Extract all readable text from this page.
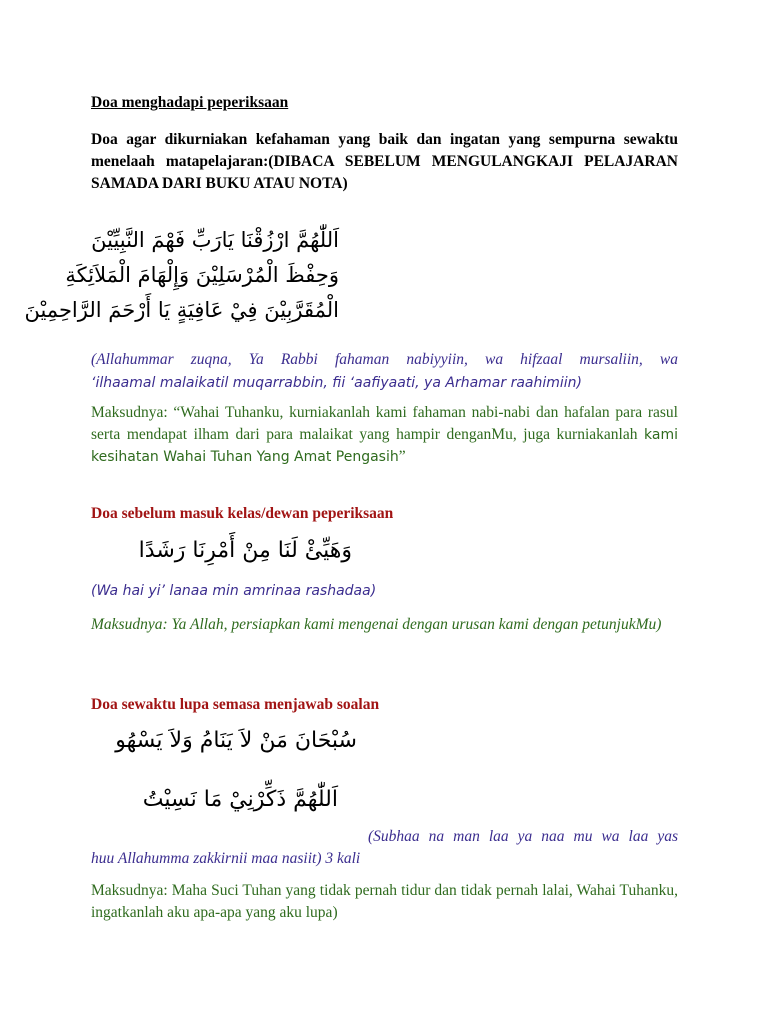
Doa menghadapi peperiksaan
Doa agar dikurniakan kefahaman yang baik dan ingatan yang sempurna sewaktu menelaah matapelajaran:(DIBACA SEBELUM MENGULANGKAJI PELAJARAN SAMADA DARI BUKU ATAU NOTA)
اَللّٰهُمَّ ارْزُقْنَا يَارَبِّ فَهْمَ النَّبِيِّيْنَ
وَحِفْظَ الْمُرْسَلِيْنَ وَإِلْهَامَ الْمَلاَئِكَةِ
الْمُقَرَّبِيْنَ فِيْ عَافِيَةٍ يَا أَرْحَمَ الرَّاحِمِيْنَ
(Allahummar zuqna, Ya Rabbi fahaman nabiyyiin, wa hifzaal mursaliin, wa
‘ilhaamal malaikatil muqarrabbin, fii ‘aafiyaati, ya Arhamar raahimiin)
Maksudnya: “Wahai Tuhanku, kurniakanlah kami fahaman nabi-nabi dan hafalan para rasul serta mendapat ilham dari para malaikat yang hampir denganMu, juga kurniakanlah kami kesihatan Wahai Tuhan Yang Amat Pengasih”
Doa sebelum masuk kelas/dewan peperiksaan
وَهَيِّئْ لَنَا مِنْ أَمْرِنَا رَشَدًا
(Wa hai yi’ lanaa min amrinaa rashadaa)
Maksudnya: Ya Allah, persiapkan kami mengenai dengan urusan kami dengan petunjukMu)
Doa sewaktu lupa semasa menjawab soalan
سُبْحَانَ مَنْ لاَ يَنَامُ وَلاَ يَسْهُو
اَللّٰهُمَّ ذَكِّرْنِيْ مَا نَسِيْتُ
(Subhaa na man laa ya naa mu wa laa yas
huu Allahumma zakkirnii maa nasiit) 3 kali
Maksudnya: Maha Suci Tuhan yang tidak pernah tidur dan tidak pernah lalai, Wahai Tuhanku, ingatkanlah aku apa-apa yang aku lupa)
